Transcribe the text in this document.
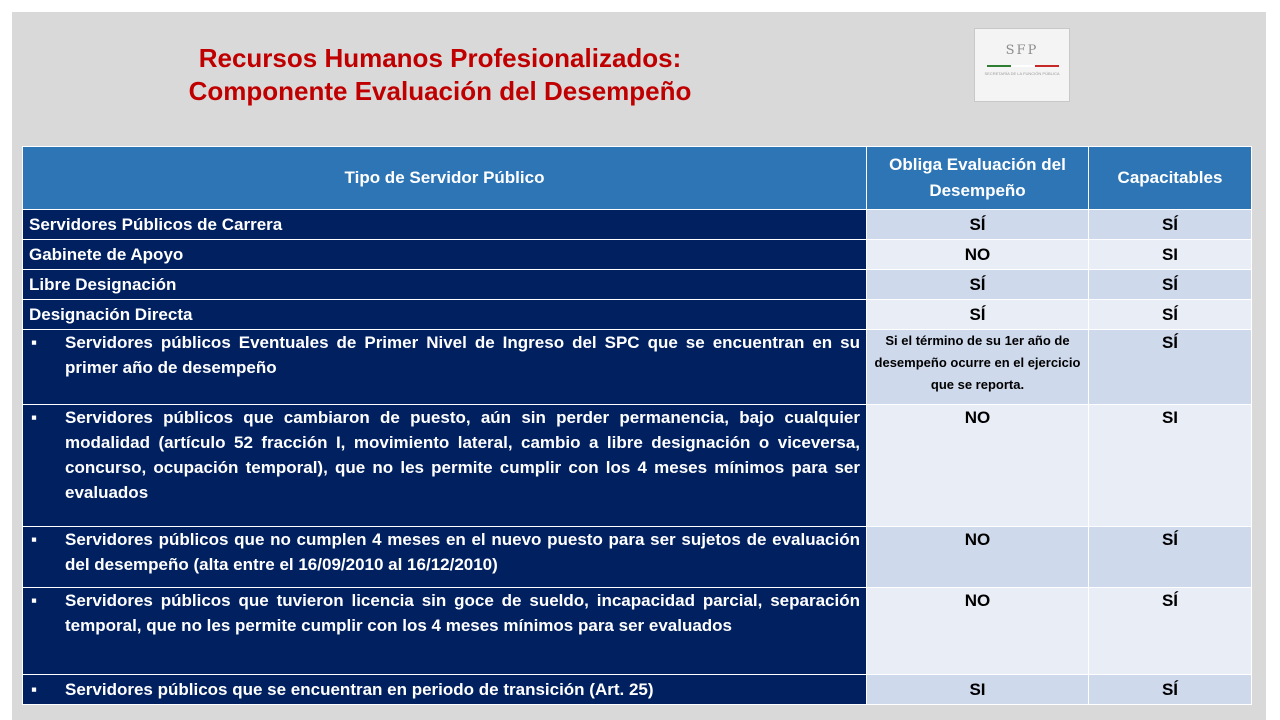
Recursos Humanos Profesionalizados:
Componente Evaluación del Desempeño
SFP
SECRETARÍA DE LA FUNCIÓN PÚBLICA
Tipo de Servidor Público	Obliga Evaluación del Desempeño	Capacitables
Servidores Públicos de Carrera	SÍ	SÍ
Gabinete de Apoyo	NO	SI
Libre Designación	SÍ	SÍ
Designación Directa	SÍ	SÍ

▪ Servidores públicos Eventuales de Primer Nivel de Ingreso del SPC que se encuentran en su primer año de desempeño	Si el término de su 1er año de desempeño ocurre en el ejercicio que se reporta.	SÍ

▪ Servidores públicos que cambiaron de puesto, aún sin perder permanencia, bajo cualquier modalidad (artículo 52 fracción I, movimiento lateral, cambio a libre designación o viceversa, concurso, ocupación temporal), que no les permite cumplir con los 4 meses mínimos para ser evaluados	NO	SI

▪ Servidores públicos que no cumplen 4 meses en el nuevo puesto para ser sujetos de evaluación del desempeño (alta entre el 16/09/2010 al 16/12/2010)	NO	SÍ

▪ Servidores públicos que tuvieron licencia sin goce de sueldo, incapacidad parcial, separación temporal, que no les permite cumplir con los 4 meses mínimos para ser evaluados	NO	SÍ

▪ Servidores públicos que se encuentran en periodo de transición (Art. 25)	SI	SÍ
